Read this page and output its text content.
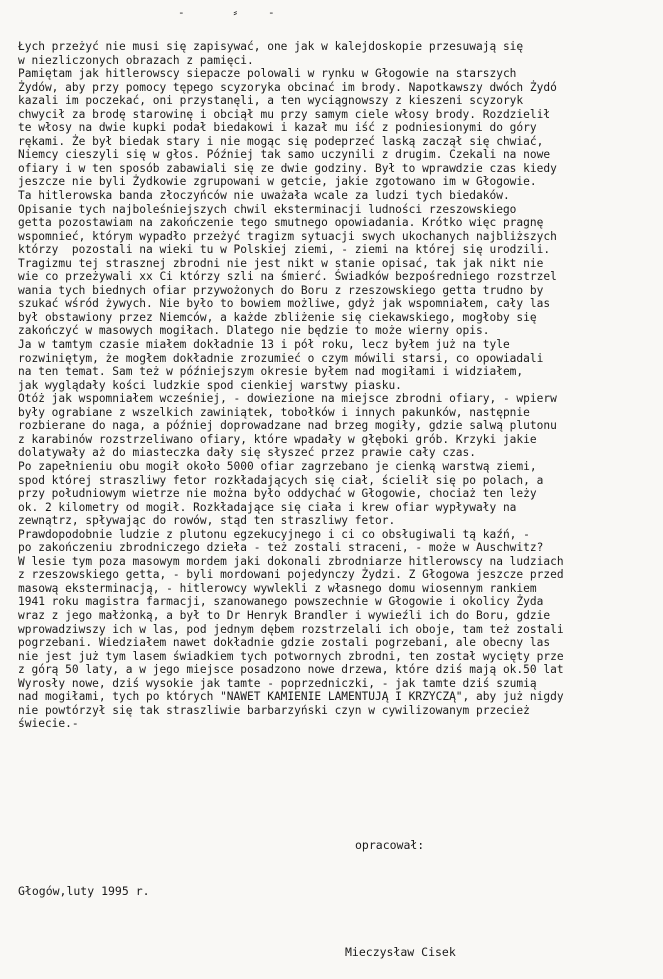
-	⸗	-
Łych przeżyć nie musi się zapisywać, one jak w kalejdoskopie przesuwają się
w niezliczonych obrazach z pamięci.
Pamiętam jak hitlerowscy siepacze polowali w rynku w Głogowie na starszych
Żydów, aby przy pomocy tępego scyzoryka obcinać im brody. Napotkawszy dwóch Żydó
kazali im poczekać, oni przystanęli, a ten wyciągnowszy z kieszeni scyzoryk
chwycił za brodę starowinę i obciął mu przy samym ciele włosy brody. Rozdzielił
te włosy na dwie kupki podał biedakowi i kazał mu iść z podniesionymi do góry
rękami. Że był biedak stary i nie mogąc się podeprzeć laską zaczął się chwiać,
Niemcy cieszyli się w głos. Później tak samo uczynili z drugim. Czekali na nowe
ofiary i w ten sposób zabawiali się ze dwie godziny. Był to wprawdzie czas kiedy
jeszcze nie byli Żydkowie zgrupowani w getcie, jakie zgotowano im w Głogowie.
Ta hitlerowska banda złoczyńców nie uważała wcale za ludzi tych biedaków.
Opisanie tych najboleśniejszych chwil eksterminacji ludności rzeszowskiego
getta pozostawiam na zakończenie tego smutnego opowiadania. Krótko więc pragnę
wspomnieć, którym wypadło przeżyć tragizm sytuacji swych ukochanych najbliższych
którzy  pozostali na wieki tu w Polskiej ziemi, - ziemi na której się urodzili.
Tragizmu tej strasznej zbrodni nie jest nikt w stanie opisać, tak jak nikt nie
wie co przeżywali xx Ci którzy szli na śmierć. Świadków bezpośredniego rozstrzel
wania tych biednych ofiar przywożonych do Boru z rzeszowskiego getta trudno by
szukać wśród żywych. Nie było to bowiem możliwe, gdyż jak wspomniałem, cały las
był obstawiony przez Niemców, a każde zbliżenie się ciekawskiego, mogłoby się
zakończyć w masowych mogiłach. Dlatego nie będzie to może wierny opis.
Ja w tamtym czasie miałem dokładnie 13 i pół roku, lecz byłem już na tyle
rozwiniętym, że mogłem dokładnie zrozumieć o czym mówili starsi, co opowiadali
na ten temat. Sam też w późniejszym okresie byłem nad mogiłami i widziałem,
jak wyglądały kości ludzkie spod cienkiej warstwy piasku.
Otóż jak wspomniałem wcześniej, - dowiezione na miejsce zbrodni ofiary, - wpierw
były ograbiane z wszelkich zawiniątek, tobołków i innych pakunków, następnie
rozbierane do naga, a później doprowadzane nad brzeg mogiły, gdzie salwą plutonu
z karabinów rozstrzeliwano ofiary, które wpadały w głęboki grób. Krzyki jakie
dolatywały aż do miasteczka dały się słyszeć przez prawie cały czas.
Po zapełnieniu obu mogił około 5000 ofiar zagrzebano je cienką warstwą ziemi,
spod której straszliwy fetor rozkładających się ciał, ścielił się po polach, a
przy południowym wietrze nie można było oddychać w Głogowie, chociaż ten leży
ok. 2 kilometry od mogił. Rozkładające się ciała i krew ofiar wypływały na
zewnątrz, spływając do rowów, stąd ten straszliwy fetor.
Prawdopodobnie ludzie z plutonu egzekucyjnego i ci co obsługiwali tą kaźń, -
po zakończeniu zbrodniczego dzieła - też zostali straceni, - może w Auschwitz?
W lesie tym poza masowym mordem jaki dokonali zbrodniarze hitlerowscy na ludziach
z rzeszowskiego getta, - byli mordowani pojedynczy Żydzi. Z Głogowa jeszcze przed
masową eksterminacją, - hitlerowcy wywlekli z własnego domu wiosennym rankiem
1941 roku magistra farmacji, szanowanego powszechnie w Głogowie i okolicy Żyda
wraz z jego małżonką, a był to Dr Henryk Brandler i wywieźli ich do Boru, gdzie
wprowadziwszy ich w las, pod jednym dębem rozstrzelali ich oboje, tam też zostali
pogrzebani. Wiedziałem nawet dokładnie gdzie zostali pogrzebani, ale obecny las
nie jest już tym lasem świadkiem tych potwornych zbrodni, ten został wycięty prze
z górą 50 laty, a w jego miejsce posadzono nowe drzewa, które dziś mają ok.50 lat
Wyrosły nowe, dziś wysokie jak tamte - poprzedniczki, - jak tamte dziś szumią
nad mogiłami, tych po których "NAWET KAMIENIE LAMENTUJĄ I KRZYCZĄ", aby już nigdy
nie powtórzył się tak straszliwie barbarzyński czyn w cywilizowanym przecież
świecie.-
opracował:
Głogów,luty 1995 r.
Mieczysław Cisek
